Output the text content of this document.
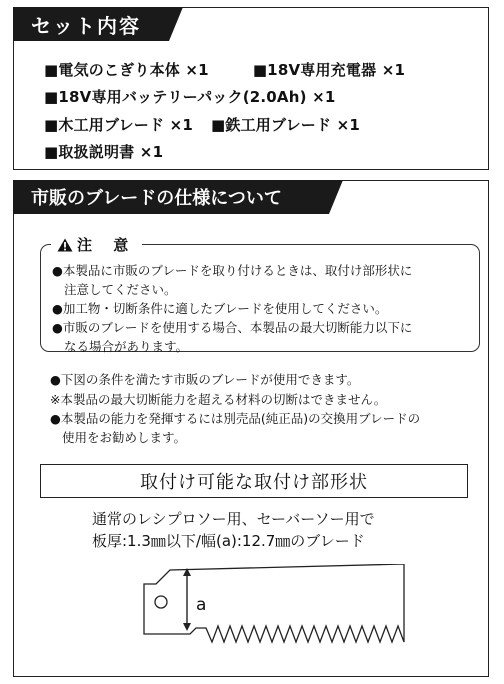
セット内容
■電気のこぎり本体 ×1	■18V専用充電器 ×1
■18V専用バッテリーパック(2.0Ah) ×1
■木工用ブレード ×1 ■鉄工用ブレード ×1
■取扱説明書 ×1
市販のブレードの仕様について
注 意
●本製品に市販のブレードを取り付けるときは、取付け部形状に
注意してください。
●加工物・切断条件に適したブレードを使用してください。
●市販のブレードを使用する場合、本製品の最大切断能力以下に
なる場合があります。
●下図の条件を満たす市販のブレードが使用できます。
※本製品の最大切断能力を超える材料の切断はできません。
●本製品の能力を発揮するには別売品(純正品)の交換用ブレードの
使用をお勧めします。
取付け可能な取付け部形状
通常のレシプロソー用、セーバーソー用で
板厚:1.3㎜以下/幅(a):12.7㎜のブレード
a
